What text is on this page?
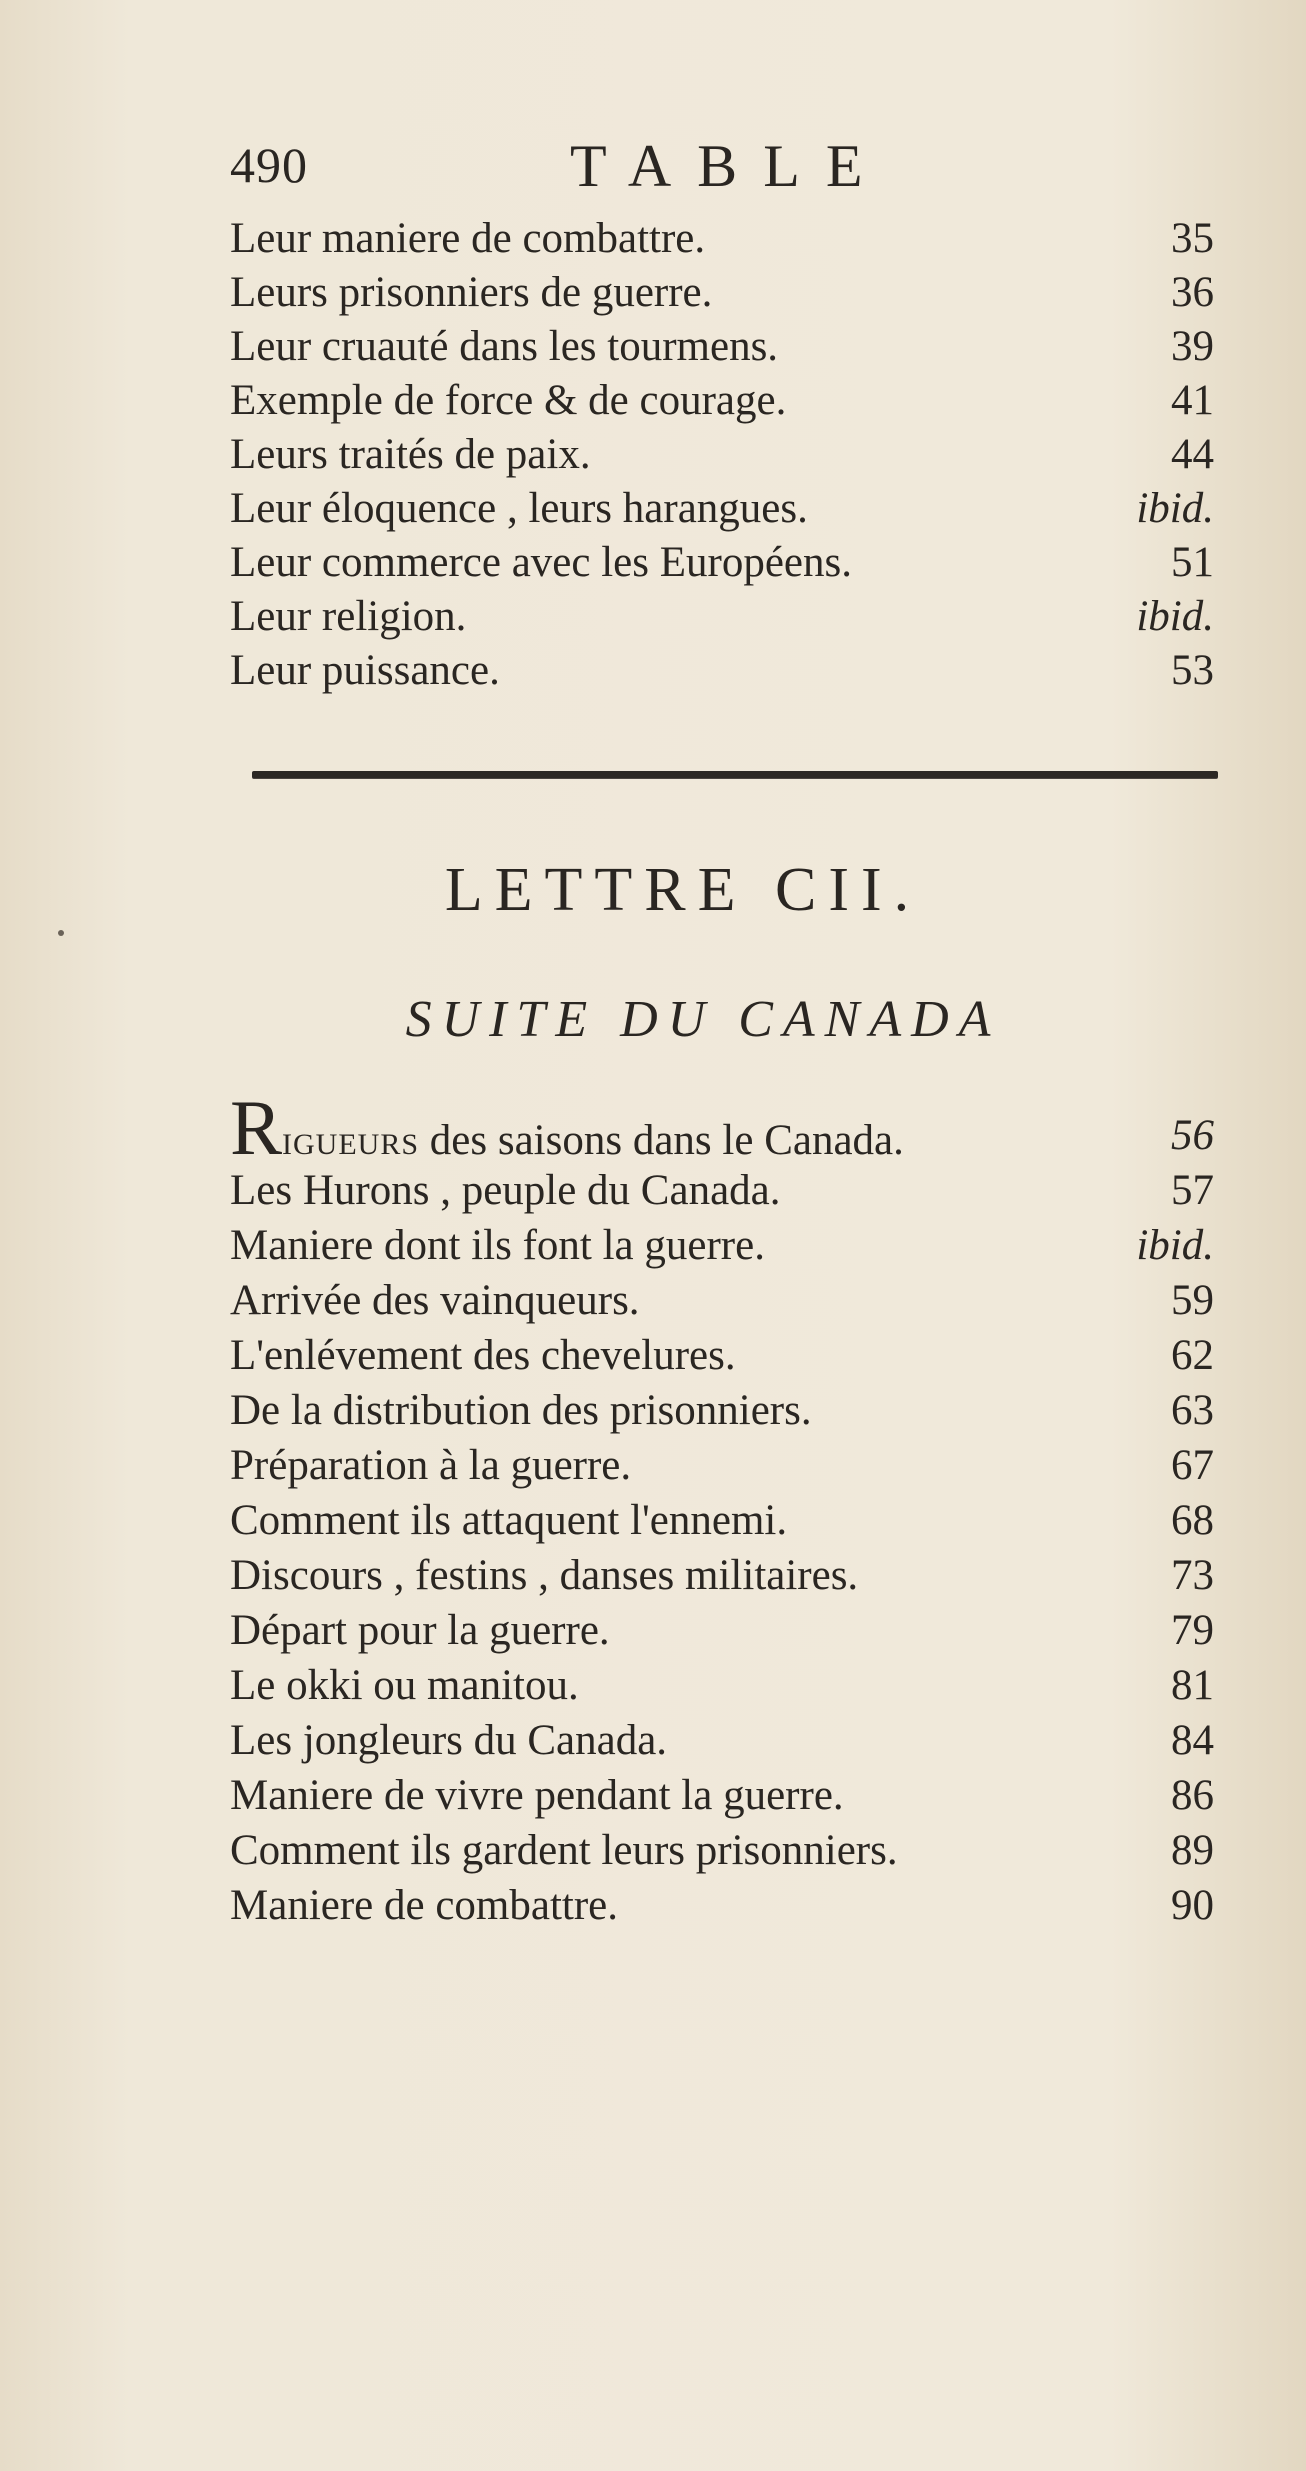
490	TABLE
Leur maniere de combattre.	35
Leurs prisonniers de guerre.	36
Leur cruauté dans les tourmens.	39
Exemple de force & de courage.	41
Leurs traités de paix.	44
Leur éloquence , leurs harangues.	ibid.
Leur commerce avec les Européens.	51
Leur religion.	ibid.
Leur puissance.	53
LETTRE CII.
SUITE DU CANADA
RIGUEURS des saisons dans le Canada.	56
Les Hurons , peuple du Canada.	57
Maniere dont ils font la guerre.	ibid.
Arrivée des vainqueurs.	59
L'enlévement des chevelures.	62
De la distribution des prisonniers.	63
Préparation à la guerre.	67
Comment ils attaquent l'ennemi.	68
Discours , festins , danses militaires.	73
Départ pour la guerre.	79
Le okki ou manitou.	81
Les jongleurs du Canada.	84
Maniere de vivre pendant la guerre.	86
Comment ils gardent leurs prisonniers.	89
Maniere de combattre.	90
